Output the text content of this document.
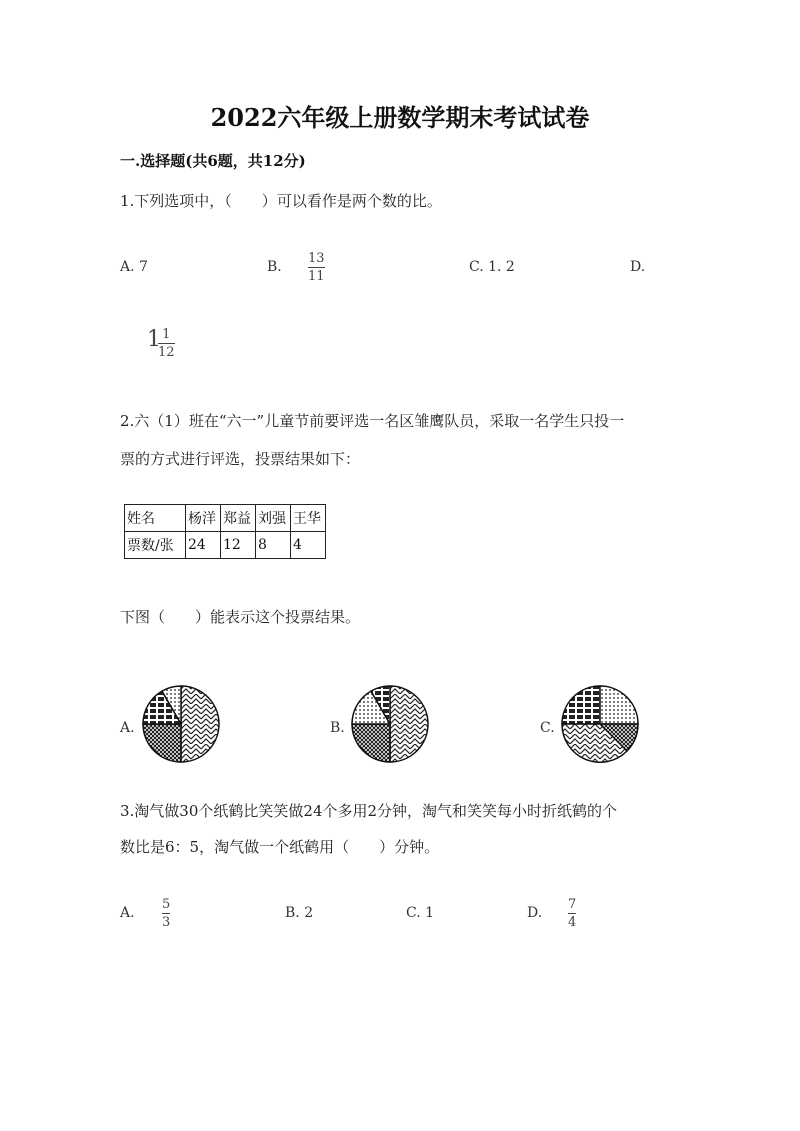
2022六年级上册数学期末考试试卷
一.选择题(共6题，共12分)
1.下列选项中，（　　）可以看作是两个数的比。
A. 7	B.
13
11
C. 1. 2	D.
1 1
12
2.六（1）班在“六一”儿童节前要评选一名区雏鹰队员，采取一名学生只投一
票的方式进行评选，投票结果如下：
姓名	杨洋	郑益	刘强	王华
票数/张	24	12	8	4
下图（　　）能表示这个投票结果。
A.	B.	C.
3.淘气做30个纸鹤比笑笑做24个多用2分钟，淘气和笑笑每小时折纸鹤的个
数比是6：5，淘气做一个纸鹤用（　　）分钟。
A.
5
3
B. 2	C. 1	D.
7
4
